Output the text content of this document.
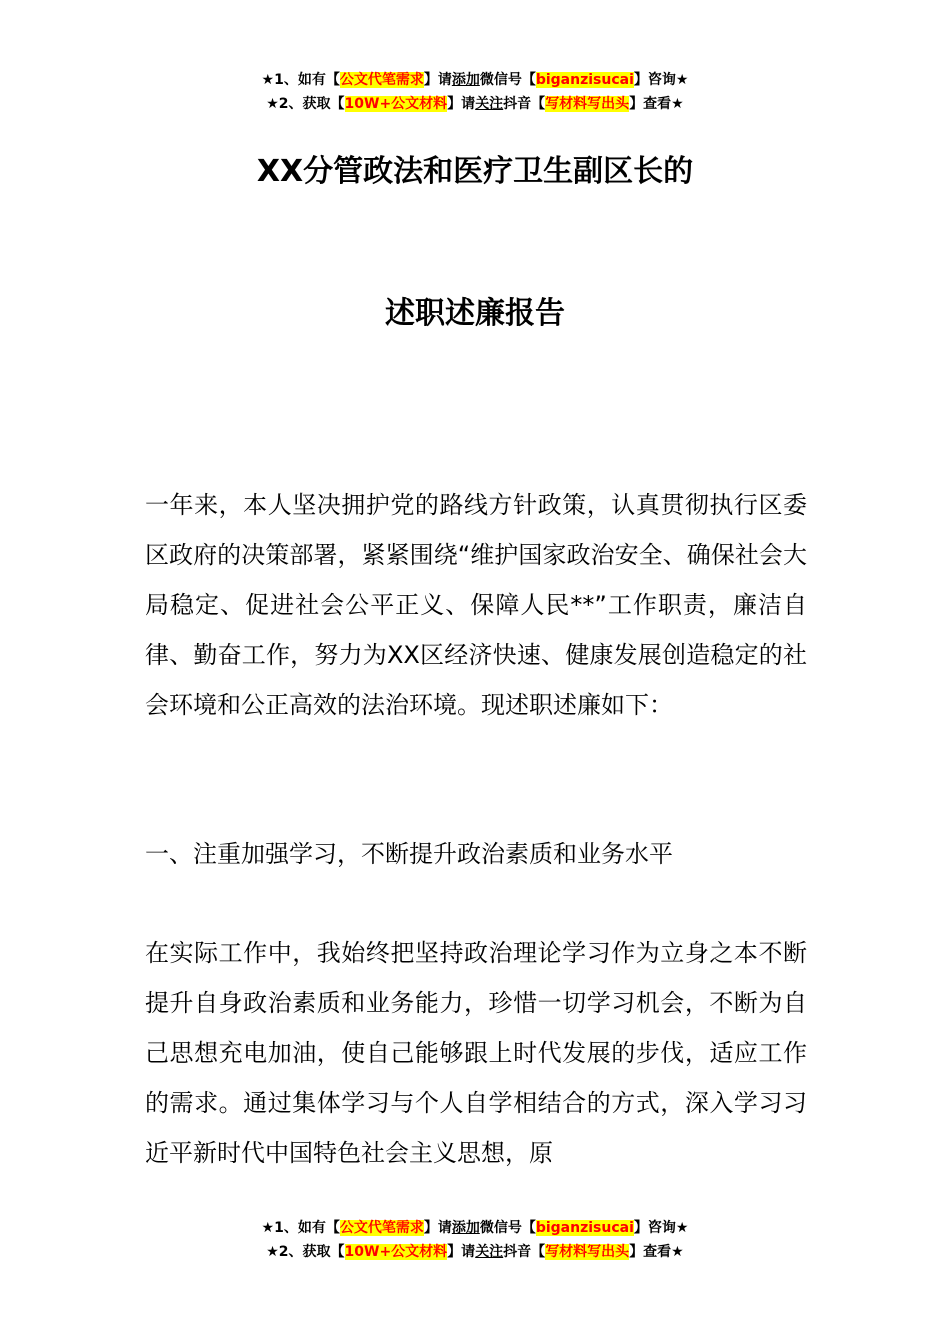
★1、如有【公文代笔需求】请添加微信号【biganzisucai】咨询★
★2、获取【10W+公文材料】请关注抖音【写材料写出头】查看★
XX分管政法和医疗卫生副区长的
述职述廉报告

一年来，本人坚决拥护党的路线方针政策，认真贯彻执行区委区政府的决策部署，紧紧围绕“维护国家政治安全、确保社会大局稳定、促进社会公平正义、保障人民**”工作职责，廉洁自律、勤奋工作，努力为XX区经济快速、健康发展创造稳定的社会环境和公正高效的法治环境。现述职述廉如下：

一、注重加强学习，不断提升政治素质和业务水平

在实际工作中，我始终把坚持政治理论学习作为立身之本不断提升自身政治素质和业务能力，珍惜一切学习机会，不断为自己思想充电加油，使自己能够跟上时代发展的步伐，适应工作的需求。通过集体学习与个人自学相结合的方式，深入学习习近平新时代中国特色社会主义思想，原

★1、如有【公文代笔需求】请添加微信号【biganzisucai】咨询★
★2、获取【10W+公文材料】请关注抖音【写材料写出头】查看★
